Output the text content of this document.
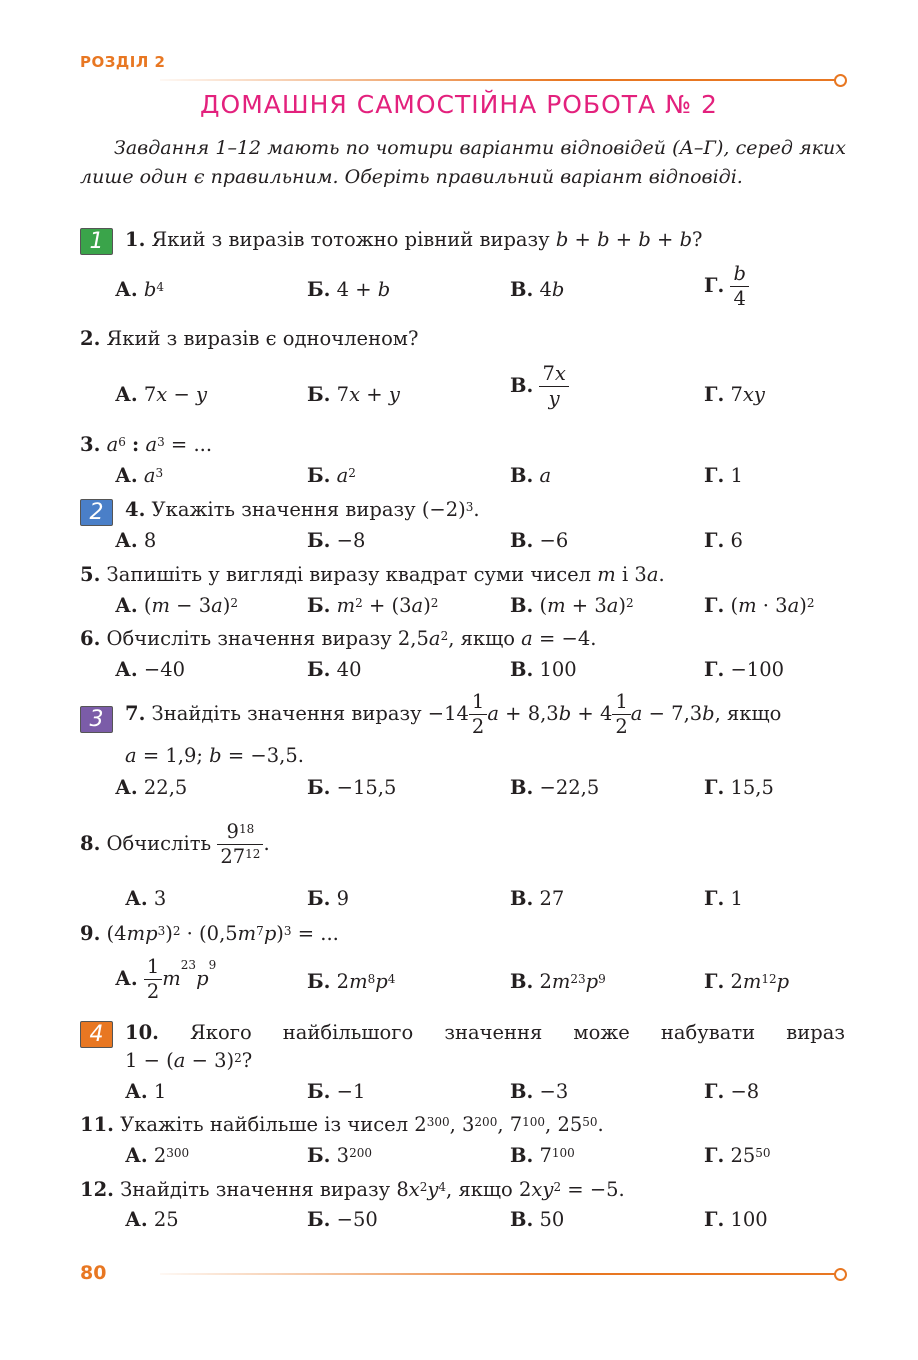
РОЗДІЛ 2
ДОМАШНЯ САМОСТІЙНА РОБОТА № 2
Завдання 1–12 мають по чотири варіанти відповідей (А–Г), серед яких лише один є правильним. Оберіть правильний варіант відповіді.
1	1. Який з виразів тотожно рівний виразу b + b + b + b?
А. $b^4$	Б. 4 + b	В. 4b	Г. $\frac{b}{4}$
2. Який з виразів є одночленом?
А. 7x − y	Б. 7x + y	В. $\frac{7x}{y}$	Г. 7xy
3. $a^6$ : $a^3$ = ...
А. $a^3$	Б. $a^2$	В. a	Г. 1
2	4. Укажіть значення виразу $(-2)^3$.
А. 8	Б. −8	В. −6	Г. 6
5. Запишіть у вигляді виразу квадрат суми чисел m і 3a.
А. $(m - 3a)^2$	Б. $m^2 + (3a)^2$	В. $(m + 3a)^2$	Г. $(m \cdot 3a)^2$
6. Обчисліть значення виразу $2,5a^2$, якщо a = −4.
А. −40	Б. 40	В. 100	Г. −100
3	7. Знайдіть значення виразу $-14 \frac{1}{2}$ $a + 8,3b + 4 \frac{1}{2}$ a − 7,3b, якщо
a = 1,9; b = −3,5.
А. 22,5	Б. −15,5	В. −22,5	Г. 15,5
8. Обчисліть $\frac{9^{18}}{27^{12}}$ .
А. 3	Б. 9	В. 27	Г. 1
9. $(4mp^3)^2 \cdot (0,5m^7p)^3$ = ...
А. $\frac{1}{2} m^{23}p^9$
Б. $2m^8p^4$	В. $2m^{23}p^9$	Г. $2m^{12}p$
4	10. Якого найбільшого значення може набувати вираз
$1 - (a - 3)^2$?
А. 1	Б. −1	В. −3	Г. −8
11. Укажіть найбільше із чисел $2^{300}$, $3^{200}$, $7^{100}$, $25^{50}$.
А. $2^{300}$	Б. $3^{200}$	В. $7^{100}$	Г. $25^{50}$
12. Знайдіть значення виразу $8x^2y^4$, якщо $2xy^2 = -5$.
А. 25	Б. −50	В. 50	Г. 100
80
